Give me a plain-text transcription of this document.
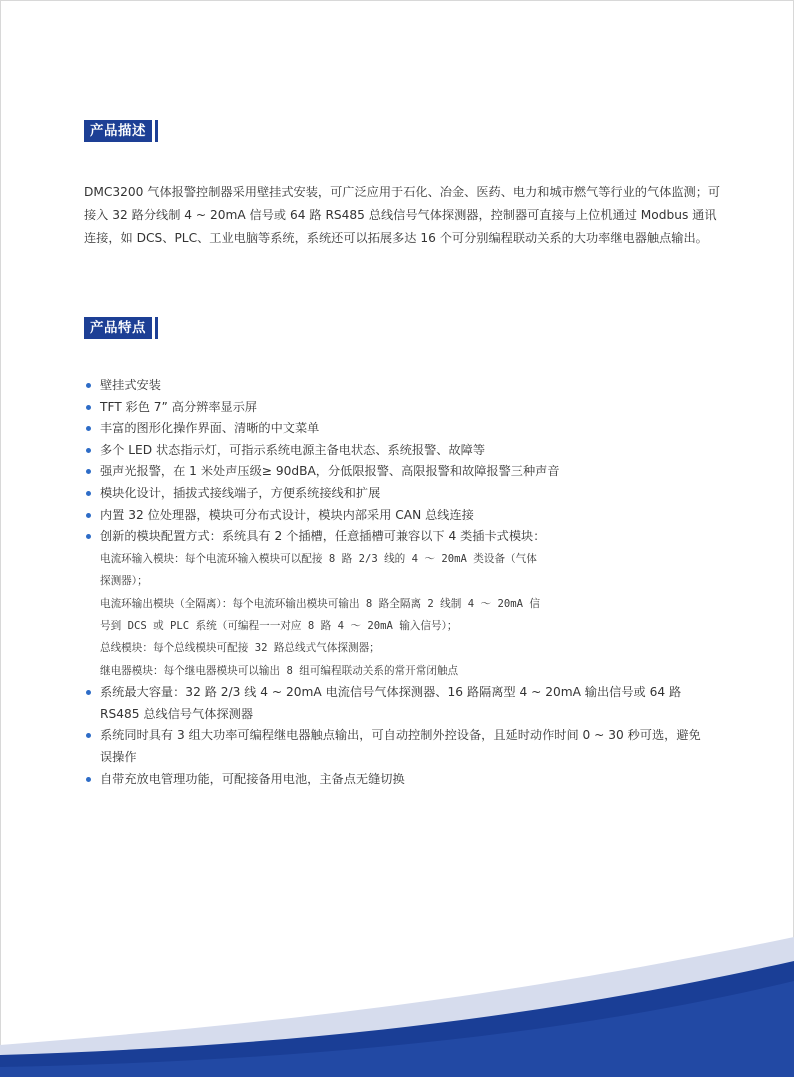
产品描述

DMC3200 气体报警控制器采用壁挂式安装，可广泛应用于石化、冶金、医药、电力和城市燃气等行业的气体监测；可接入 32 路分线制 4 ~ 20mA 信号或 64 路 RS485 总线信号气体探测器，控制器可直接与上位机通过 Modbus 通讯连接，如 DCS、PLC、工业电脑等系统，系统还可以拓展多达 16 个可分别编程联动关系的大功率继电器触点输出。

产品特点
壁挂式安装
TFT 彩色 7” 高分辨率显示屏
丰富的图形化操作界面、清晰的中文菜单
多个 LED 状态指示灯，可指示系统电源主备电状态、系统报警、故障等
强声光报警，在 1 米处声压级≥ 90dBA，分低限报警、高限报警和故障报警三种声音
模块化设计，插拔式接线端子，方便系统接线和扩展
内置 32 位处理器，模块可分布式设计，模块内部采用 CAN 总线连接
创新的模块配置方式：系统具有 2 个插槽，任意插槽可兼容以下 4 类插卡式模块：
电流环输入模块：每个电流环输入模块可以配接 8 路 2/3 线的 4 ～ 20mA 类设备（气体
探测器）；
电流环输出模块（全隔离）：每个电流环输出模块可输出 8 路全隔离 2 线制 4 ～ 20mA 信
号到 DCS 或 PLC 系统（可编程一一对应 8 路 4 ～ 20mA 输入信号）；
总线模块：每个总线模块可配接 32 路总线式气体探测器；
继电器模块：每个继电器模块可以输出 8 组可编程联动关系的常开常闭触点
系统最大容量：32 路 2/3 线 4 ~ 20mA 电流信号气体探测器、16 路隔离型 4 ~ 20mA 输出信号或 64 路 RS485 总线信号气体探测器
系统同时具有 3 组大功率可编程继电器触点输出，可自动控制外控设备，且延时动作时间 0 ~ 30 秒可选，避免误操作
自带充放电管理功能，可配接备用电池，主备点无缝切换
